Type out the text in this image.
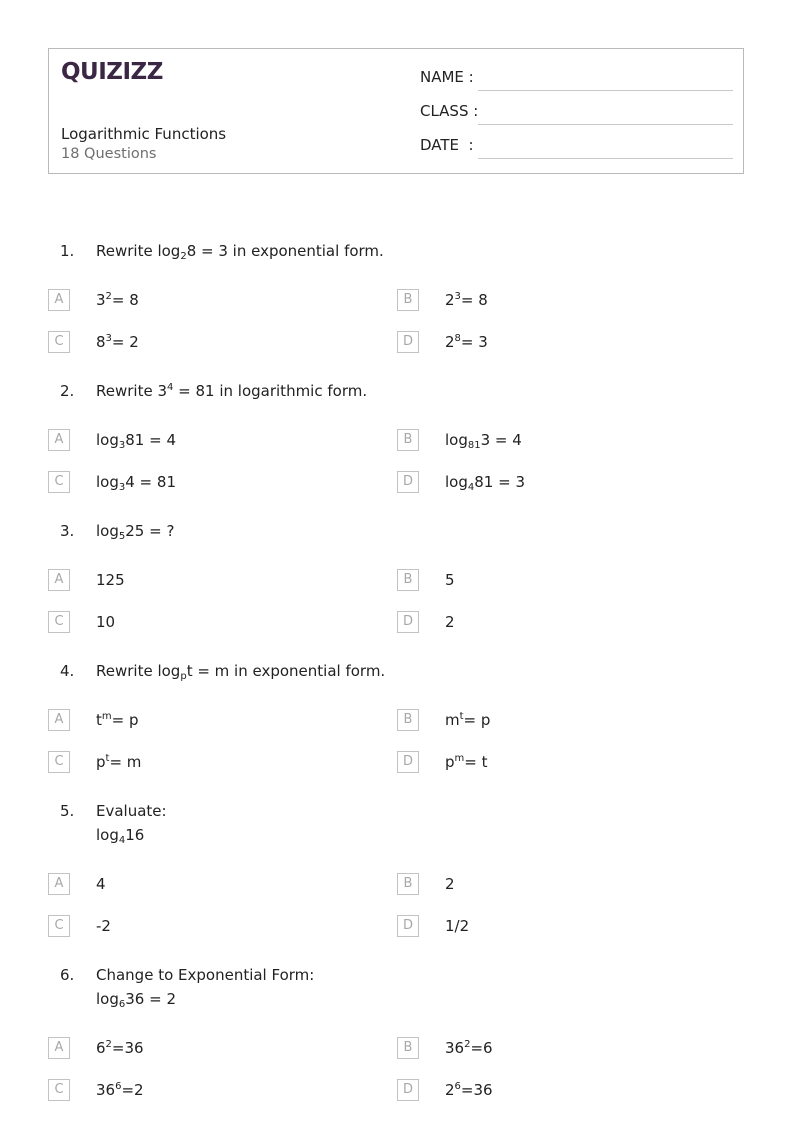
QUIZIZZ
Logarithmic Functions
18 Questions
NAME :
CLASS :
DATE  :
1. Rewrite $\log_28 = 3$ in exponential form.
A	$3^2= 8$	B	$2^3= 8$
C	$8^3= 2$	D	$2^8= 3$
2. Rewrite $3^4 = 81$ in logarithmic form.
A	$\log_381 = 4$	B	$\log_{81}3 = 4$
C	$\log_34 = 81$	D	$\log_481 = 3$
3. $\log_525$ = ?
A	125	B	5
C	10	D	2
4. Rewrite $\log_pt = m$ in exponential form.
A	$t^m= p$	B	$m^t= p$
C	$p^t= m$	D	$p^m= t$
5. Evaluate:
$\log_416$
A	4	B	2
C	-2	D	1/2
6. Change to Exponential Form:
$\log_636 = 2$
A	$6^2=36$	B	$36^2=6$
C	$36^6=2$	D	$2^6=36$
